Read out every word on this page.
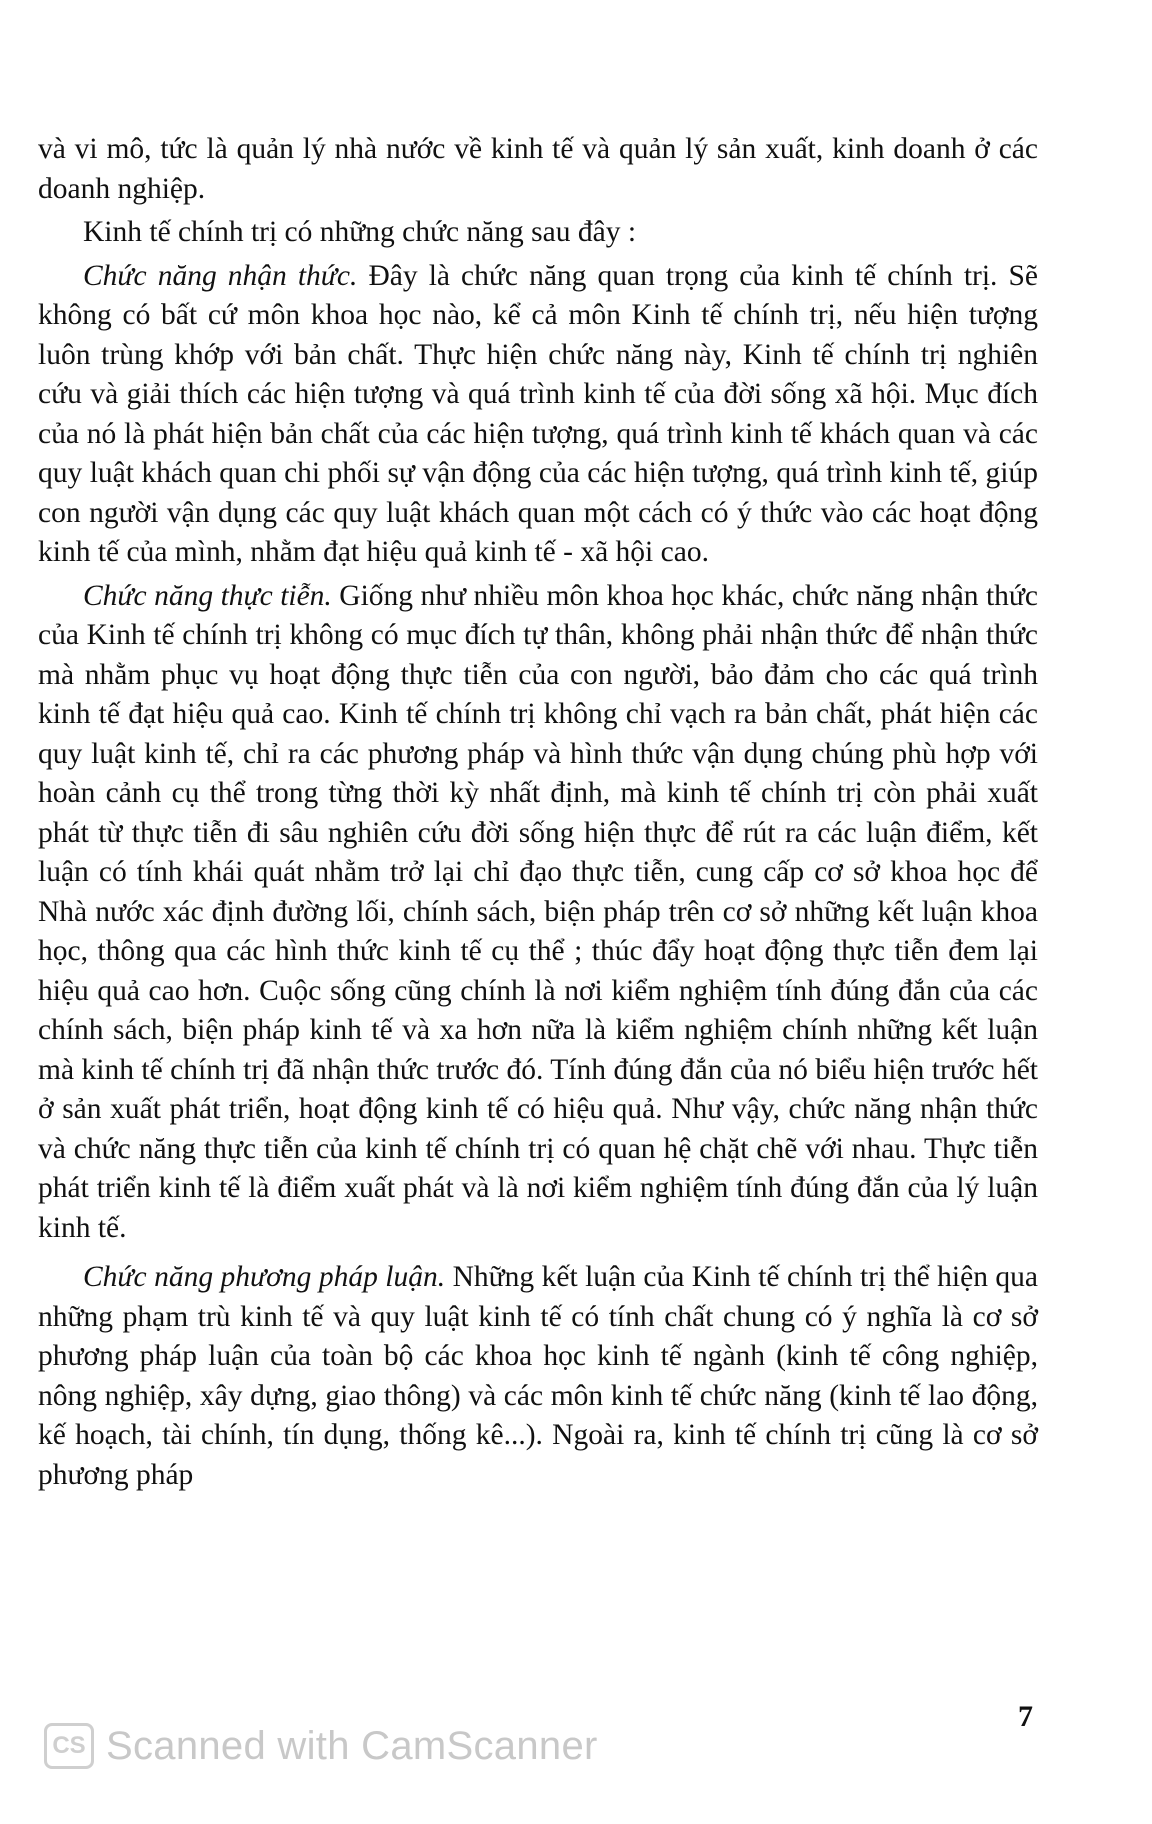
và vi mô, tức là quản lý nhà nước về kinh tế và quản lý sản xuất, kinh doanh ở các doanh nghiệp.

Kinh tế chính trị có những chức năng sau đây :

Chức năng nhận thức. Đây là chức năng quan trọng của kinh tế chính trị. Sẽ không có bất cứ môn khoa học nào, kể cả môn Kinh tế chính trị, nếu hiện tượng luôn trùng khớp với bản chất. Thực hiện chức năng này, Kinh tế chính trị nghiên cứu và giải thích các hiện tượng và quá trình kinh tế của đời sống xã hội. Mục đích của nó là phát hiện bản chất của các hiện tượng, quá trình kinh tế khách quan và các quy luật khách quan chi phối sự vận động của các hiện tượng, quá trình kinh tế, giúp con người vận dụng các quy luật khách quan một cách có ý thức vào các hoạt động kinh tế của mình, nhằm đạt hiệu quả kinh tế - xã hội cao.

Chức năng thực tiễn. Giống như nhiều môn khoa học khác, chức năng nhận thức của Kinh tế chính trị không có mục đích tự thân, không phải nhận thức để nhận thức mà nhằm phục vụ hoạt động thực tiễn của con người, bảo đảm cho các quá trình kinh tế đạt hiệu quả cao. Kinh tế chính trị không chỉ vạch ra bản chất, phát hiện các quy luật kinh tế, chỉ ra các phương pháp và hình thức vận dụng chúng phù hợp với hoàn cảnh cụ thể trong từng thời kỳ nhất định, mà kinh tế chính trị còn phải xuất phát từ thực tiễn đi sâu nghiên cứu đời sống hiện thực để rút ra các luận điểm, kết luận có tính khái quát nhằm trở lại chỉ đạo thực tiễn, cung cấp cơ sở khoa học để Nhà nước xác định đường lối, chính sách, biện pháp trên cơ sở những kết luận khoa học, thông qua các hình thức kinh tế cụ thể ; thúc đẩy hoạt động thực tiễn đem lại hiệu quả cao hơn. Cuộc sống cũng chính là nơi kiểm nghiệm tính đúng đắn của các chính sách, biện pháp kinh tế và xa hơn nữa là kiểm nghiệm chính những kết luận mà kinh tế chính trị đã nhận thức trước đó. Tính đúng đắn của nó biểu hiện trước hết ở sản xuất phát triển, hoạt động kinh tế có hiệu quả. Như vậy, chức năng nhận thức và chức năng thực tiễn của kinh tế chính trị có quan hệ chặt chẽ với nhau. Thực tiễn phát triển kinh tế là điểm xuất phát và là nơi kiểm nghiệm tính đúng đắn của lý luận kinh tế.

Chức năng phương pháp luận. Những kết luận của Kinh tế chính trị thể hiện qua những phạm trù kinh tế và quy luật kinh tế có tính chất chung có ý nghĩa là cơ sở phương pháp luận của toàn bộ các khoa học kinh tế ngành (kinh tế công nghiệp, nông nghiệp, xây dựng, giao thông) và các môn kinh tế chức năng (kinh tế lao động, kế hoạch, tài chính, tín dụng, thống kê...). Ngoài ra, kinh tế chính trị cũng là cơ sở phương pháp

7
CS Scanned with CamScanner
